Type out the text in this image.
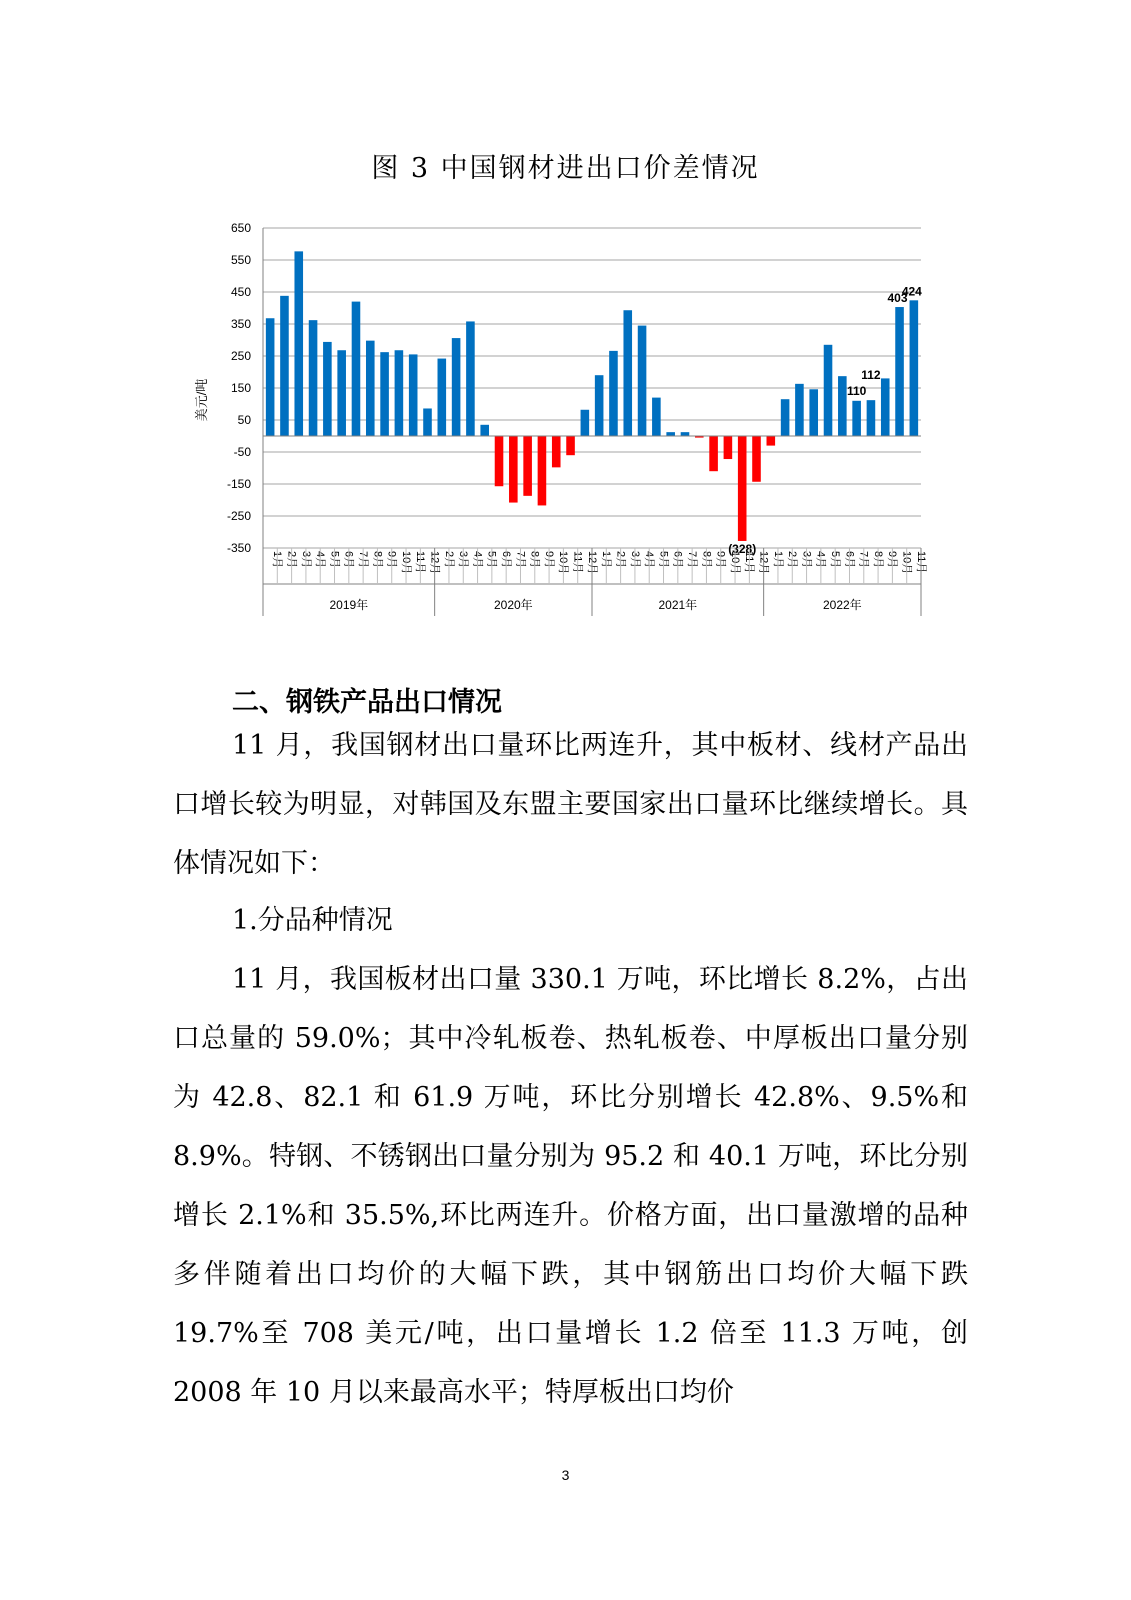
图 3 中国钢材进出口价差情况
650
550
450
350
250
150
50
-50
-150
-250
-350
美元/吨
(328)
110
112
403
424
1月 2月 3月 4月 5月 6月 7月 8月 9月 10月 11月 12月
2019年
2月 3月 4月 5月 6月 7月 8月 9月 10月 11月 12月
2020年
1月 2月 3月 4月 5月 6月 7月 8月 9月 10月 11月 12月
2021年
1月 2月 3月 4月 5月 6月 7月 8月 9月 10月 11月
2022年
二、钢铁产品出口情况

11 月，我国钢材出口量环比两连升，其中板材、线材产品出口增长较为明显，对韩国及东盟主要国家出口量环比继续增长。具体情况如下：

1.分品种情况

11 月，我国板材出口量 330.1 万吨，环比增长 8.2%，占出口总量的 59.0%；其中冷轧板卷、热轧板卷、中厚板出口量分别为 42.8、82.1 和 61.9 万吨，环比分别增长 42.8%、9.5%和 8.9%。特钢、不锈钢出口量分别为 95.2 和 40.1 万吨，环比分别增长 2.1%和 35.5%,环比两连升。价格方面，出口量激增的品种多伴随着出口均价的大幅下跌，其中钢筋出口均价大幅下跌 19.7%至 708 美元/吨，出口量增长 1.2 倍至 11.3 万吨，创 2008 年 10 月以来最高水平；特厚板出口均价

3
